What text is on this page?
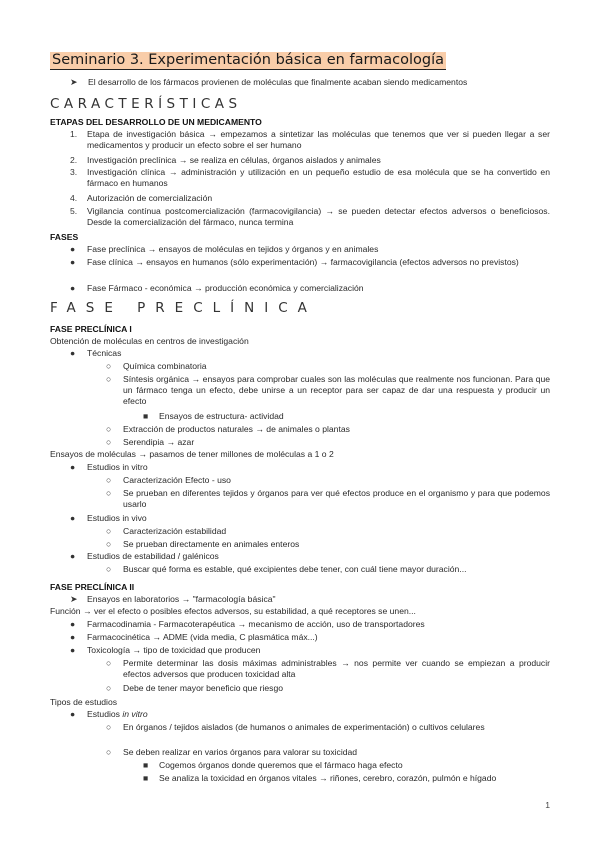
Seminario 3. Experimentación básica en farmacología
➤ El desarrollo de los fármacos provienen de moléculas que finalmente acaban siendo medicamentos
CARACTERÍSTICAS
ETAPAS DEL DESARROLLO DE UN MEDICAMENTO
1. Etapa de investigación básica → empezamos a sintetizar las moléculas que tenemos que ver si pueden llegar a ser medicamentos y producir un efecto sobre el ser humano
2. Investigación preclínica → se realiza en células, órganos aislados y animales
3. Investigación clínica → administración y utilización en un pequeño estudio de esa molécula que se ha convertido en fármaco en humanos
4. Autorización de comercialización
5. Vigilancia contínua postcomercialización (farmacovigilancia) → se pueden detectar efectos adversos o beneficiosos. Desde la comercialización del fármaco, nunca termina
FASES
● Fase preclínica → ensayos de moléculas en tejidos y órganos y en animales
● Fase clínica → ensayos en humanos (sólo experimentación) → farmacovigilancia (efectos adversos no previstos)
● Fase Fármaco - económica → producción económica y comercialización
FASE PRECLÍNICA
FASE PRECLÍNICA I
Obtención de moléculas en centros de investigación
● Técnicas
○ Química combinatoria
○ Síntesis orgánica → ensayos para comprobar cuales son las moléculas que realmente nos funcionan. Para que un fármaco tenga un efecto, debe unirse a un receptor para ser capaz de dar una respuesta y producir un efecto
■ Ensayos de estructura- actividad
○ Extracción de productos naturales → de animales o plantas
○ Serendipia → azar
Ensayos de moléculas → pasamos de tener millones de moléculas a 1 o 2
● Estudios in vitro
○ Caracterización Efecto - uso
○ Se prueban en diferentes tejidos y órganos para ver qué efectos produce en el organismo y para que podemos usarlo
● Estudios in vivo
○ Caracterización estabilidad
○ Se prueban directamente en animales enteros
● Estudios de estabilidad / galénicos
○ Buscar qué forma es estable, qué excipientes debe tener, con cuál tiene mayor duración...
FASE PRECLÍNICA II
➤ Ensayos en laboratorios → "farmacología básica"
Función → ver el efecto o posibles efectos adversos, su estabilidad, a qué receptores se unen...
● Farmacodinamia - Farmacoterapéutica → mecanismo de acción, uso de transportadores
● Farmacocinética → ADME (vida media, C plasmática máx...)
● Toxicología → tipo de toxicidad que producen
○ Permite determinar las dosis máximas administrables → nos permite ver cuando se empiezan a producir efectos adversos que producen toxicidad alta
○ Debe de tener mayor beneficio que riesgo
Tipos de estudios
● Estudios in vitro
○ En órganos / tejidos aislados (de humanos o animales de experimentación) o cultivos celulares
○ Se deben realizar en varios órganos para valorar su toxicidad
■ Cogemos órganos donde queremos que el fármaco haga efecto
■ Se analiza la toxicidad en órganos vitales → riñones, cerebro, corazón, pulmón e hígado
1
